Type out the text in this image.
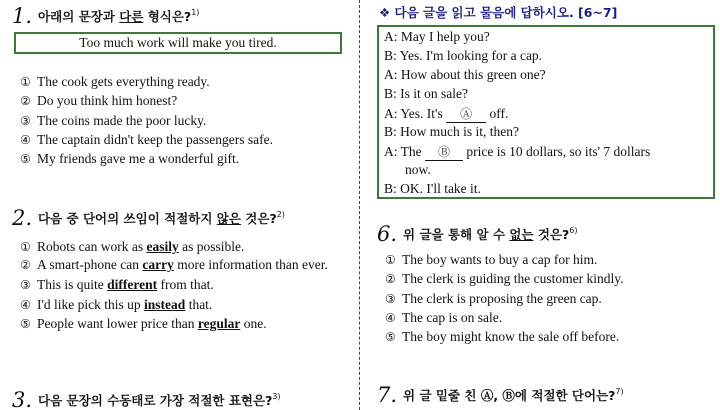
1. 아래의 문장과 다른 형식은?$^{1)}$
Too much work will make you tired.
① The cook gets everything ready.
② Do you think him honest?
③ The coins made the poor lucky.
④ The captain didn't keep the passengers safe.
⑤ My friends gave me a wonderful gift.
2. 다음 중 단어의 쓰임이 적절하지 않은 것은?$^{2)}$
① Robots can work as easily as possible.
② A smart-phone can carry more information than ever.
③ This is quite different from that.
④ I'd like pick this up instead that.
⑤ People want lower price than regular one.
3. 다음 문장의 수동태로 가장 적절한 표현은?$^{3)}$
❖ 다음 글을 읽고 물음에 답하시오. [6~7]
A: May I help you?
B: Yes. I'm looking for a cap.
A: How about this green one?
B: Is it on sale?
A: Yes. It's Ⓐ off.
B: How much is it, then?
A: The Ⓑ price is 10 dollars, so its' 7 dollars
now.
B: OK. I'll take it.
6. 위 글을 통해 알 수 없는 것은?$^{6)}$
① The boy wants to buy a cap for him.
② The clerk is guiding the customer kindly.
③ The clerk is proposing the green cap.
④ The cap is on sale.
⑤ The boy might know the sale off before.
7. 위 글 밑줄 친 Ⓐ, Ⓑ에 적절한 단어는?$^{7)}$
